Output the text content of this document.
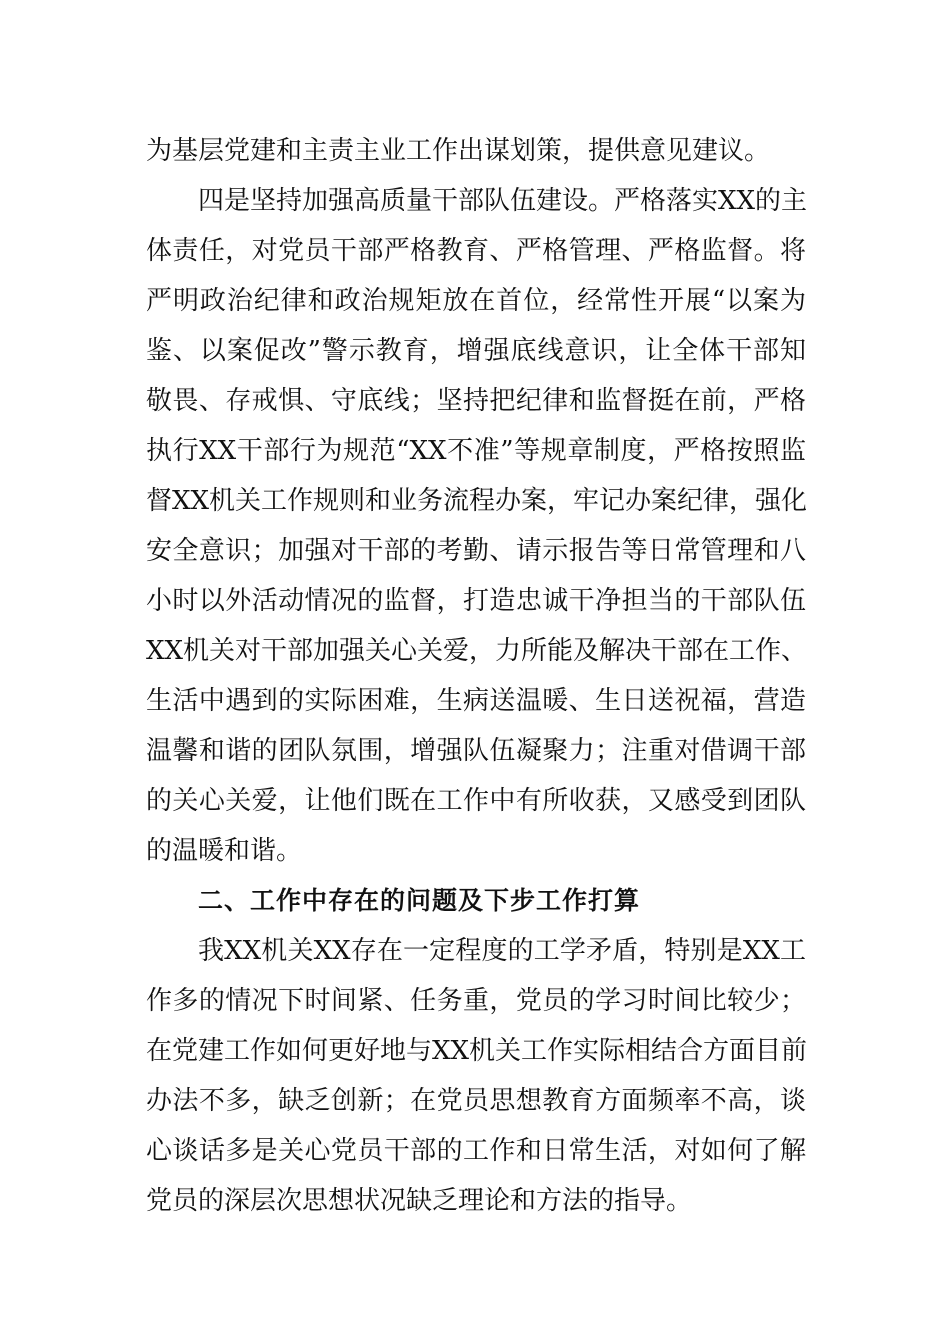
为基层党建和主责主业工作出谋划策，提供意见建议。
四是坚持加强高质量干部队伍建设。严格落实XX的主
体责任，对党员干部严格教育、严格管理、严格监督。将
严明政治纪律和政治规矩放在首位，经常性开展“以案为
鉴、以案促改”警示教育，增强底线意识，让全体干部知
敬畏、存戒惧、守底线；坚持把纪律和监督挺在前，严格
执行XX干部行为规范“XX不准”等规章制度，严格按照监
督XX机关工作规则和业务流程办案，牢记办案纪律，强化
安全意识；加强对干部的考勤、请示报告等日常管理和八
小时以外活动情况的监督，打造忠诚干净担当的干部队伍
XX机关对干部加强关心关爱，力所能及解决干部在工作、
生活中遇到的实际困难，生病送温暖、生日送祝福，营造
温馨和谐的团队氛围，增强队伍凝聚力；注重对借调干部
的关心关爱，让他们既在工作中有所收获，又感受到团队
的温暖和谐。
二、工作中存在的问题及下步工作打算
我XX机关XX存在一定程度的工学矛盾，特别是XX工
作多的情况下时间紧、任务重，党员的学习时间比较少；
在党建工作如何更好地与XX机关工作实际相结合方面目前
办法不多，缺乏创新；在党员思想教育方面频率不高，谈
心谈话多是关心党员干部的工作和日常生活，对如何了解
党员的深层次思想状况缺乏理论和方法的指导。
